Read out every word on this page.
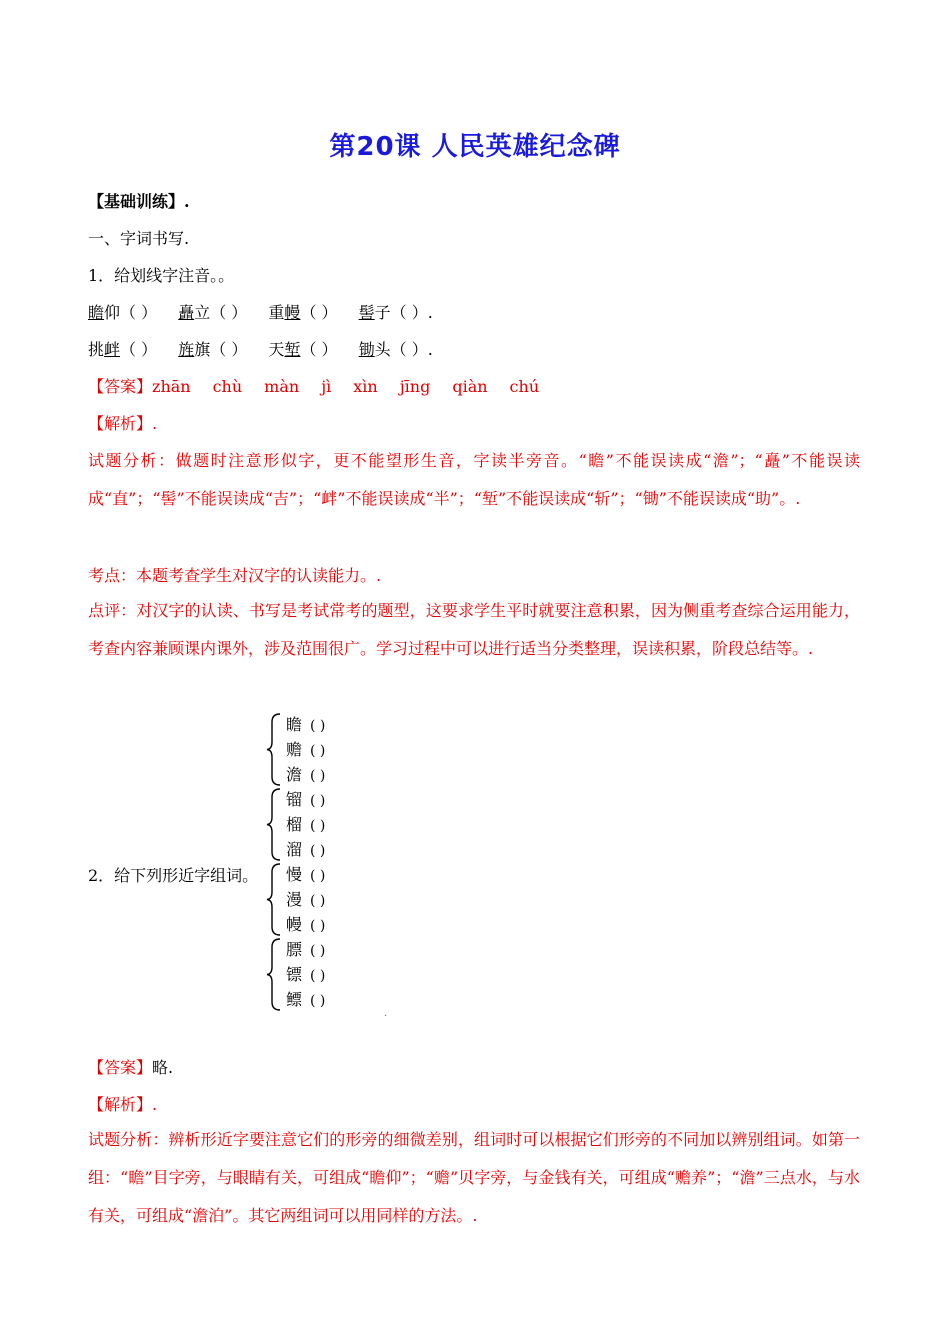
第20课 人民英雄纪念碑
【基础训练】.
一、字词书写.
1．给划线字注音。。
瞻仰（ ） 矗立（ ） 重幔（ ） 髻子（ ）.
挑衅（ ） 旌旗（ ） 天堑（ ） 锄头（ ）.
【答案】zhān chù màn jì xìn jīng qiàn chú
【解析】.
试题分析：做题时注意形似字，更不能望形生音，字读半旁音。“瞻”不能误读成“澹”；“矗”不能误读成“直”；“髻”不能误读成“吉”；“衅”不能误读成“半”；“堑”不能误读成“斩”；“锄”不能误读成“助”。.
考点：本题考查学生对汉字的认读能力。.
点评：对汉字的认读、书写是考试常考的题型，这要求学生平时就要注意积累，因为侧重考查综合运用能力，考查内容兼顾课内课外，涉及范围很广。学习过程中可以进行适当分类整理，误读积累，阶段总结等。.
2．给下列形近字组词。
瞻 ( )
赡 ( )
澹 ( )
镏 ( )
榴 ( )
溜 ( )
慢 ( )
漫 ( )
幔 ( )
膘 ( )
镖 ( )
鳔 ( )
.
【答案】略.
【解析】.
试题分析：辨析形近字要注意它们的形旁的细微差别，组词时可以根据它们形旁的不同加以辨别组词。如第一组：“瞻”目字旁，与眼睛有关，可组成“瞻仰”；“赡”贝字旁，与金钱有关，可组成“赡养”；“澹”三点水，与水有关，可组成“澹泊”。其它两组词可以用同样的方法。.
